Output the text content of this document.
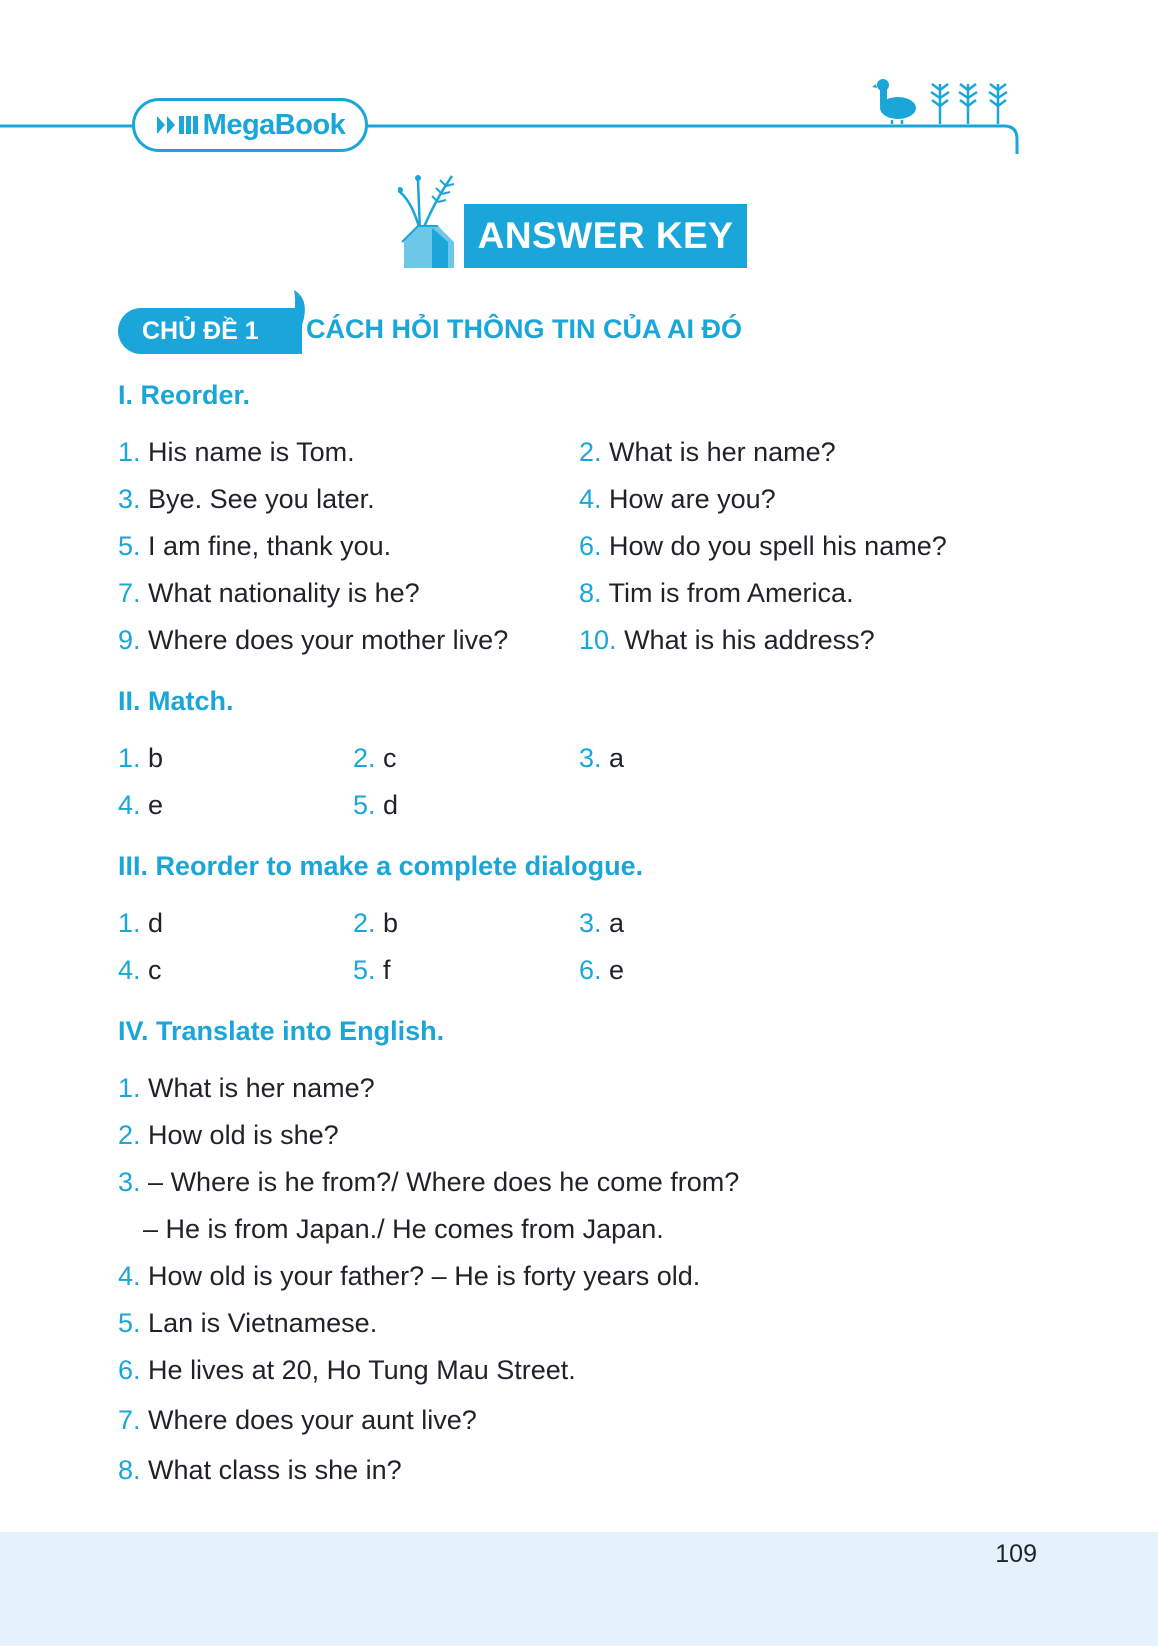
MegaBook
ANSWER KEY
CHỦ ĐỀ 1 CÁCH HỎI THÔNG TIN CỦA AI ĐÓ
I. Reorder.
1. His name is Tom.	2. What is her name?
3. Bye. See you later.	4. How are you?
5. I am fine, thank you.	6. How do you spell his name?
7. What nationality is he?	8. Tim is from America.
9. Where does your mother live?	10. What is his address?
II. Match.
1. b	2. c	3. a
4. e	5. d
III. Reorder to make a complete dialogue.
1. d	2. b	3. a
4. c	5. f	6. e
IV. Translate into English.
1. What is her name?
2. How old is she?
3. – Where is he from?/ Where does he come from?
– He is from Japan./ He comes from Japan.
4. How old is your father? – He is forty years old.
5. Lan is Vietnamese.
6. He lives at 20, Ho Tung Mau Street.
7. Where does your aunt live?
8. What class is she in?
109
